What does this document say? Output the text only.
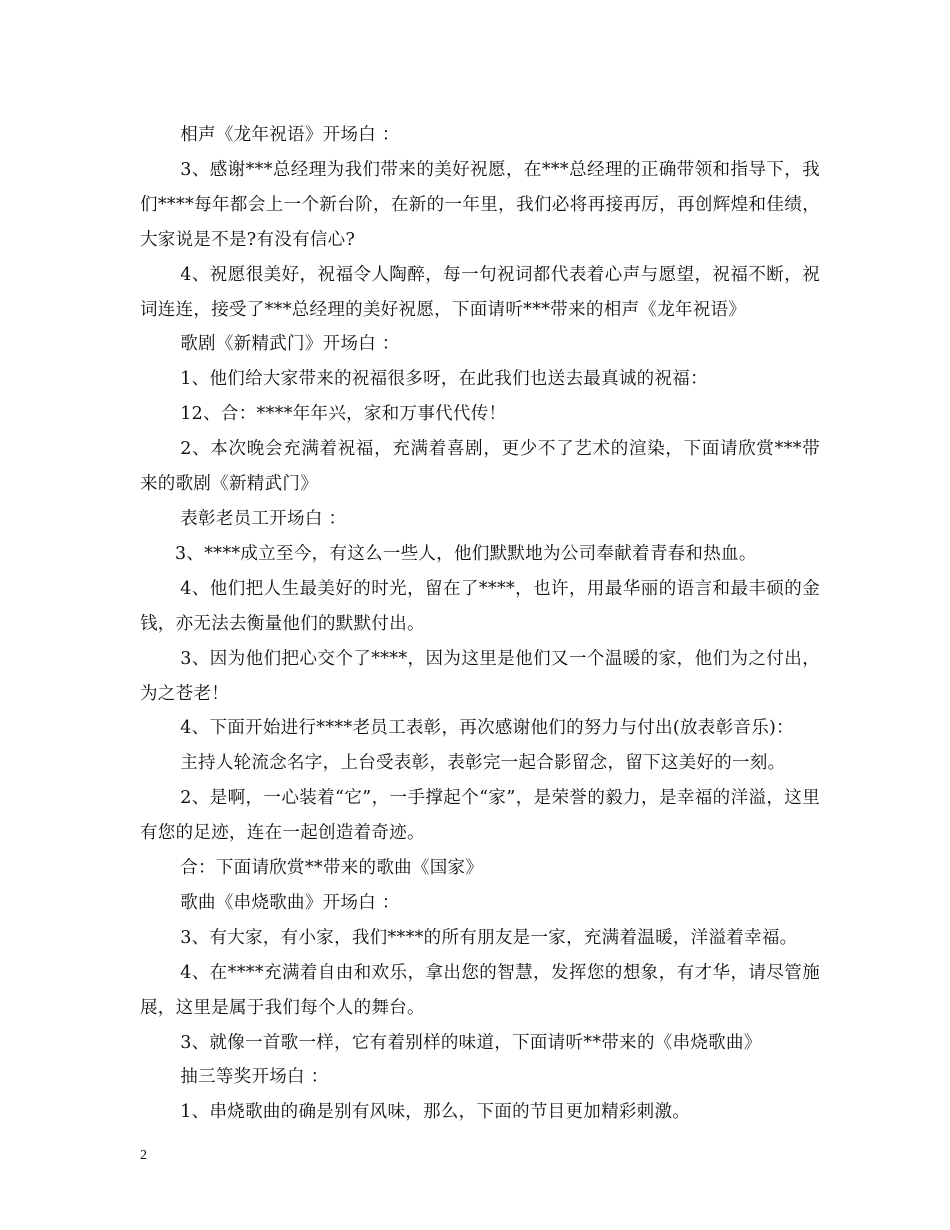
相声《龙年祝语》开场白 ：

3、感谢***总经理为我们带来的美好祝愿，在***总经理的正确带领和指导下，我们****每年都会上一个新台阶，在新的一年里，我们必将再接再厉，再创辉煌和佳绩，大家说是不是?有没有信心?

4、祝愿很美好，祝福令人陶醉，每一句祝词都代表着心声与愿望，祝福不断，祝词连连，接受了***总经理的美好祝愿，下面请听***带来的相声《龙年祝语》

歌剧《新精武门》开场白 ：

1、他们给大家带来的祝福很多呀，在此我们也送去最真诚的祝福：

12、合：****年年兴，家和万事代代传！

2、本次晚会充满着祝福，充满着喜剧，更少不了艺术的渲染，下面请欣赏***带来的歌剧《新精武门》

表彰老员工开场白 ：

3、****成立至今，有这么一些人，他们默默地为公司奉献着青春和热血。

4、他们把人生最美好的时光，留在了****，也许，用最华丽的语言和最丰硕的金钱，亦无法去衡量他们的默默付出。

3、因为他们把心交个了****，因为这里是他们又一个温暖的家，他们为之付出，为之苍老！

4、下面开始进行****老员工表彰，再次感谢他们的努力与付出(放表彰音乐)：

主持人轮流念名字，上台受表彰，表彰完一起合影留念，留下这美好的一刻。

2、是啊，一心装着“它”，一手撑起个“家”，是荣誉的毅力，是幸福的洋溢，这里有您的足迹，连在一起创造着奇迹。

合：下面请欣赏**带来的歌曲《国家》

歌曲《串烧歌曲》开场白 ：

3、有大家，有小家，我们****的所有朋友是一家，充满着温暖，洋溢着幸福。

4、在****充满着自由和欢乐，拿出您的智慧，发挥您的想象，有才华，请尽管施展，这里是属于我们每个人的舞台。

3、就像一首歌一样，它有着别样的味道，下面请听**带来的《串烧歌曲》

抽三等奖开场白 ：

1、串烧歌曲的确是别有风味，那么，下面的节目更加精彩刺激。

2
